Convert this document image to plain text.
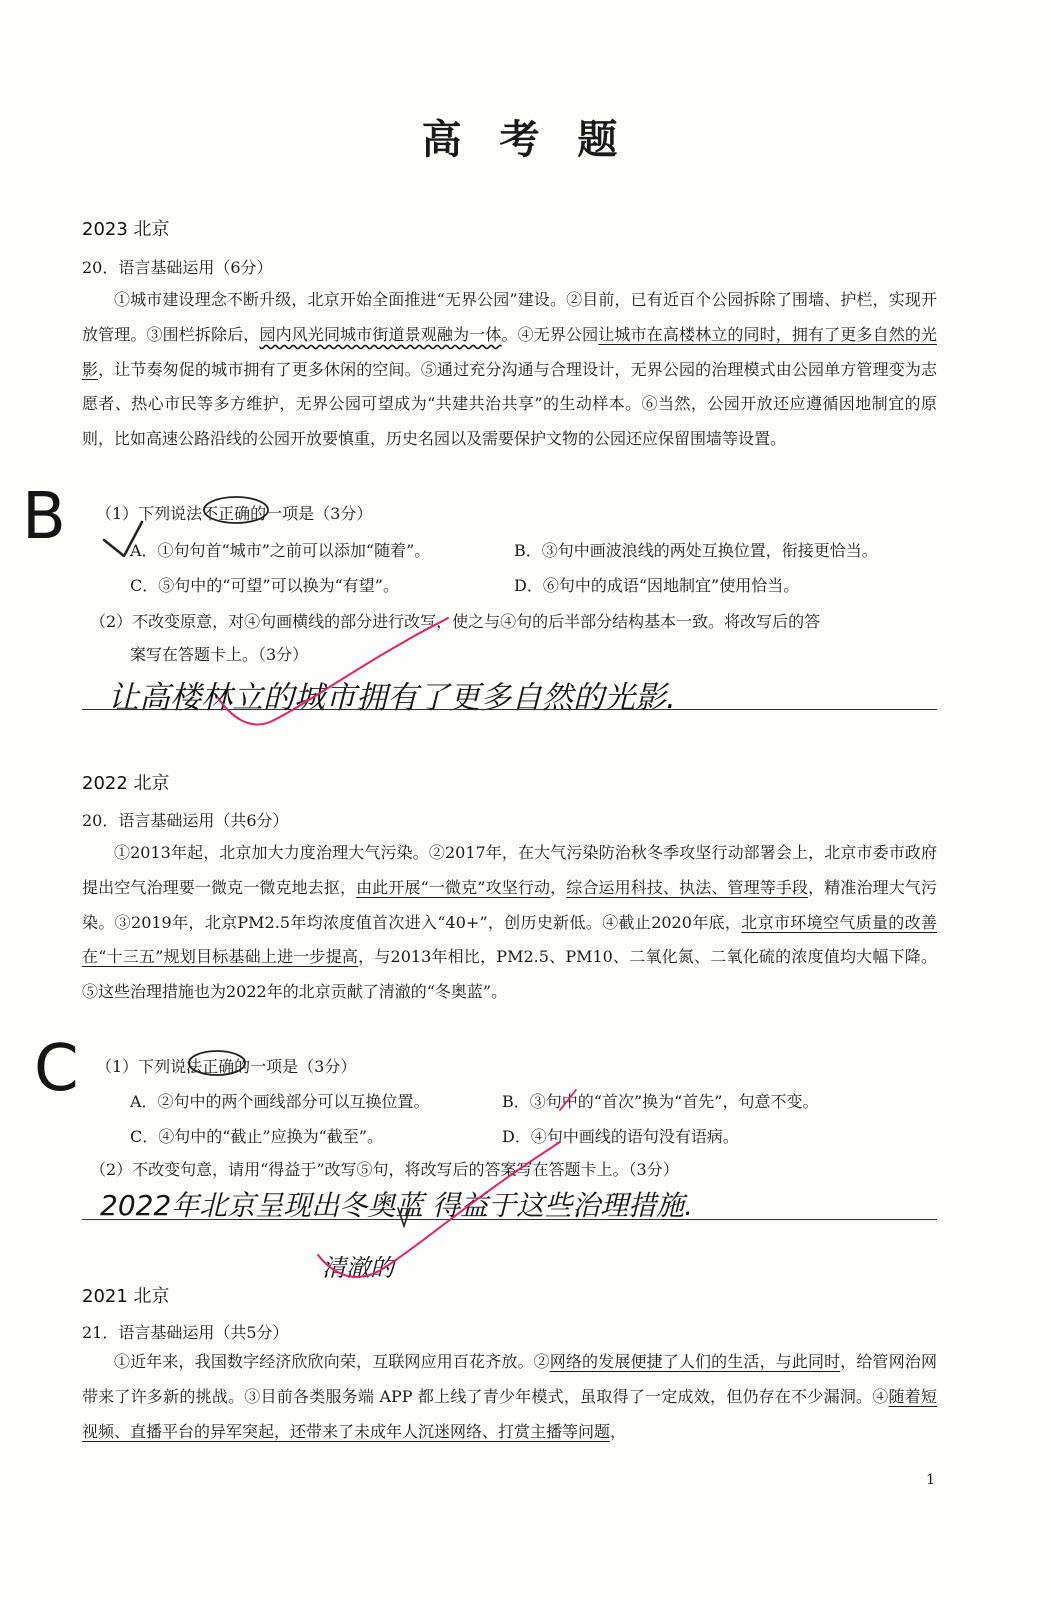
高 考 题
2023 北京
20．语言基础运用（6分）

①城市建设理念不断升级，北京开始全面推进“无界公园”建设。②目前，已有近百个公园拆除了围墙、护栏，实现开放管理。③围栏拆除后，园内风光同城市街道景观融为一体。④无界公园让城市在高楼林立的同时，拥有了更多自然的光影，让节奏匆促的城市拥有了更多休闲的空间。⑤通过充分沟通与合理设计，无界公园的治理模式由公园单方管理变为志愿者、热心市民等多方维护，无界公园可望成为“共建共治共享”的生动样本。⑥当然，公园开放还应遵循因地制宜的原则，比如高速公路沿线的公园开放要慎重，历史名园以及需要保护文物的公园还应保留围墙等设置。

（1）下列说法不正确的一项是（3分）
A．①句句首“城市”之前可以添加“随着”。	B．③句中画波浪线的两处互换位置，衔接更恰当。
C．⑤句中的“可望”可以换为“有望”。	D．⑥句中的成语“因地制宜”使用恰当。
（2）不改变原意，对④句画横线的部分进行改写，使之与④句的后半部分结构基本一致。将改写后的答
案写在答题卡上。（3分）
B
让高楼林立的城市拥有了更多自然的光影.
2022 北京
20．语言基础运用（共6分）

①2013年起，北京加大力度治理大气污染。②2017年，在大气污染防治秋冬季攻坚行动部署会上，北京市委市政府提出空气治理要一微克一微克地去抠，由此开展“一微克”攻坚行动，综合运用科技、执法、管理等手段，精准治理大气污染。③2019年，北京PM2.5年均浓度值首次进入“40+”，创历史新低。④截止2020年底，北京市环境空气质量的改善在“十三五”规划目标基础上进一步提高，与2013年相比，PM2.5、PM10、二氧化氮、二氧化硫的浓度值均大幅下降。⑤这些治理措施也为2022年的北京贡献了清澈的“冬奥蓝”。

（1）下列说法正确的一项是（3分）
A．②句中的两个画线部分可以互换位置。	B．③句中的“首次”换为“首先”，句意不变。
C．④句中的“截止”应换为“截至”。	D．④句中画线的语句没有语病。
（2）不改变句意，请用“得益于”改写⑤句，将改写后的答案写在答题卡上。（3分）
C
2022年北京呈现出冬奥蓝 得益于这些治理措施.
清澈的
2021 北京
21．语言基础运用（共5分）

①近年来，我国数字经济欣欣向荣，互联网应用百花齐放。②网络的发展便捷了人们的生活，与此同时，给管网治网带来了许多新的挑战。③目前各类服务端 APP 都上线了青少年模式，虽取得了一定成效，但仍存在不少漏洞。④随着短视频、直播平台的异军突起，还带来了未成年人沉迷网络、打赏主播等问题，

1
